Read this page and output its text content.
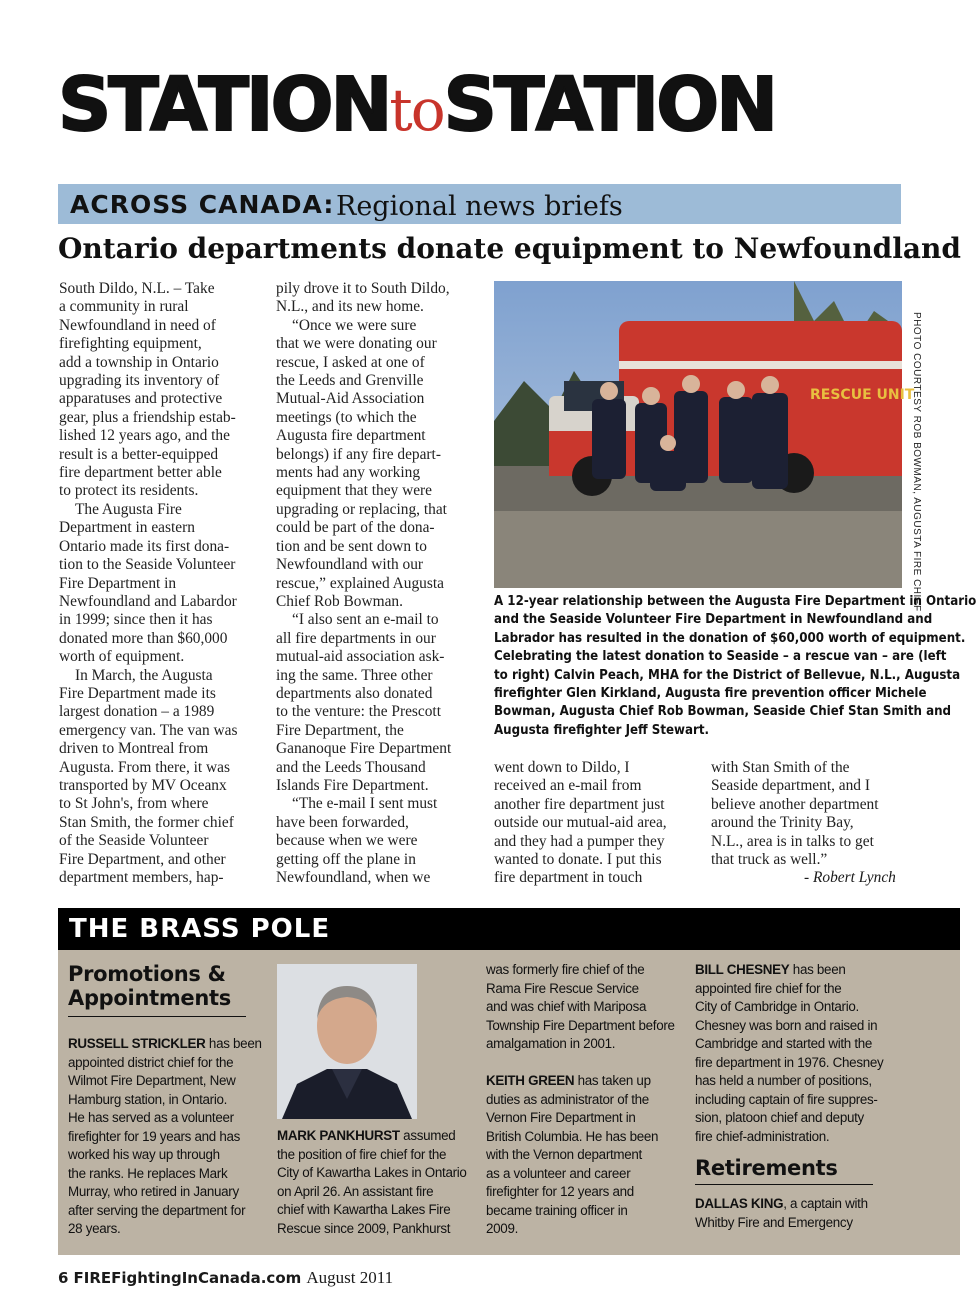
STATIONtoSTATION
ACROSS CANADA: Regional news briefs
Ontario departments donate equipment to Newfoundland
South Dildo, N.L. – Take
a community in rural
Newfoundland in need of
firefighting equipment,
add a township in Ontario
upgrading its inventory of
apparatuses and protective
gear, plus a friendship estab-
lished 12 years ago, and the
result is a better-equipped
fire department better able
to protect its residents.
The Augusta Fire
Department in eastern
Ontario made its first dona-
tion to the Seaside Volunteer
Fire Department in
Newfoundland and Labardor
in 1999; since then it has
donated more than $60,000
worth of equipment.
In March, the Augusta
Fire Department made its
largest donation – a 1989
emergency van. The van was
driven to Montreal from
Augusta. From there, it was
transported by MV Oceanx
to St John's, from where
Stan Smith, the former chief
of the Seaside Volunteer
Fire Department, and other
department members, hap-
pily drove it to South Dildo,
N.L., and its new home.
“Once we were sure
that we were donating our
rescue, I asked at one of
the Leeds and Grenville
Mutual-Aid Association
meetings (to which the
Augusta fire department
belongs) if any fire depart-
ments had any working
equipment that they were
upgrading or replacing, that
could be part of the dona-
tion and be sent down to
Newfoundland with our
rescue,” explained Augusta
Chief Rob Bowman.
“I also sent an e-mail to
all fire departments in our
mutual-aid association ask-
ing the same. Three other
departments also donated
to the venture: the Prescott
Fire Department, the
Gananoque Fire Department
and the Leeds Thousand
Islands Fire Department.
“The e-mail I sent must
have been forwarded,
because when we were
getting off the plane in
Newfoundland, when we
went down to Dildo, I
received an e-mail from
another fire department just
outside our mutual-aid area,
and they had a pumper they
wanted to donate. I put this
fire department in touch
with Stan Smith of the
Seaside department, and I
believe another department
around the Trinity Bay,
N.L., area is in talks to get
that truck as well.”
- Robert Lynch
RESCUE UNIT
PHOTO COURTESY ROB BOWMAN, AUGUSTA FIRE CHIEF
A 12-year relationship between the Augusta Fire Department in Ontario
and the Seaside Volunteer Fire Department in Newfoundland and
Labrador has resulted in the donation of $60,000 worth of equipment.
Celebrating the latest donation to Seaside – a rescue van – are (left
to right) Calvin Peach, MHA for the District of Bellevue, N.L., Augusta
firefighter Glen Kirkland, Augusta fire prevention officer Michele
Bowman, Augusta Chief Rob Bowman, Seaside Chief Stan Smith and
Augusta firefighter Jeff Stewart.
THE BRASS POLE
Promotions &
Appointments
RUSSELL STRICKLER has been
appointed district chief for the
Wilmot Fire Department, New
Hamburg station, in Ontario.
He has served as a volunteer
firefighter for 19 years and has
worked his way up through
the ranks. He replaces Mark
Murray, who retired in January
after serving the department for
28 years.
MARK PANKHURST assumed
the position of fire chief for the
City of Kawartha Lakes in Ontario
on April 26. An assistant fire
chief with Kawartha Lakes Fire
Rescue since 2009, Pankhurst
was formerly fire chief of the
Rama Fire Rescue Service
and was chief with Mariposa
Township Fire Department before
amalgamation in 2001.

KEITH GREEN has taken up
duties as administrator of the
Vernon Fire Department in
British Columbia. He has been
with the Vernon department
as a volunteer and career
firefighter for 12 years and
became training officer in
2009.
BILL CHESNEY has been
appointed fire chief for the
City of Cambridge in Ontario.
Chesney was born and raised in
Cambridge and started with the
fire department in 1976. Chesney
has held a number of positions,
including captain of fire suppres-
sion, platoon chief and deputy
fire chief-administration.
Retirements
DALLAS KING, a captain with
Whitby Fire and Emergency
6 FIREFightingInCanada.com August 2011
